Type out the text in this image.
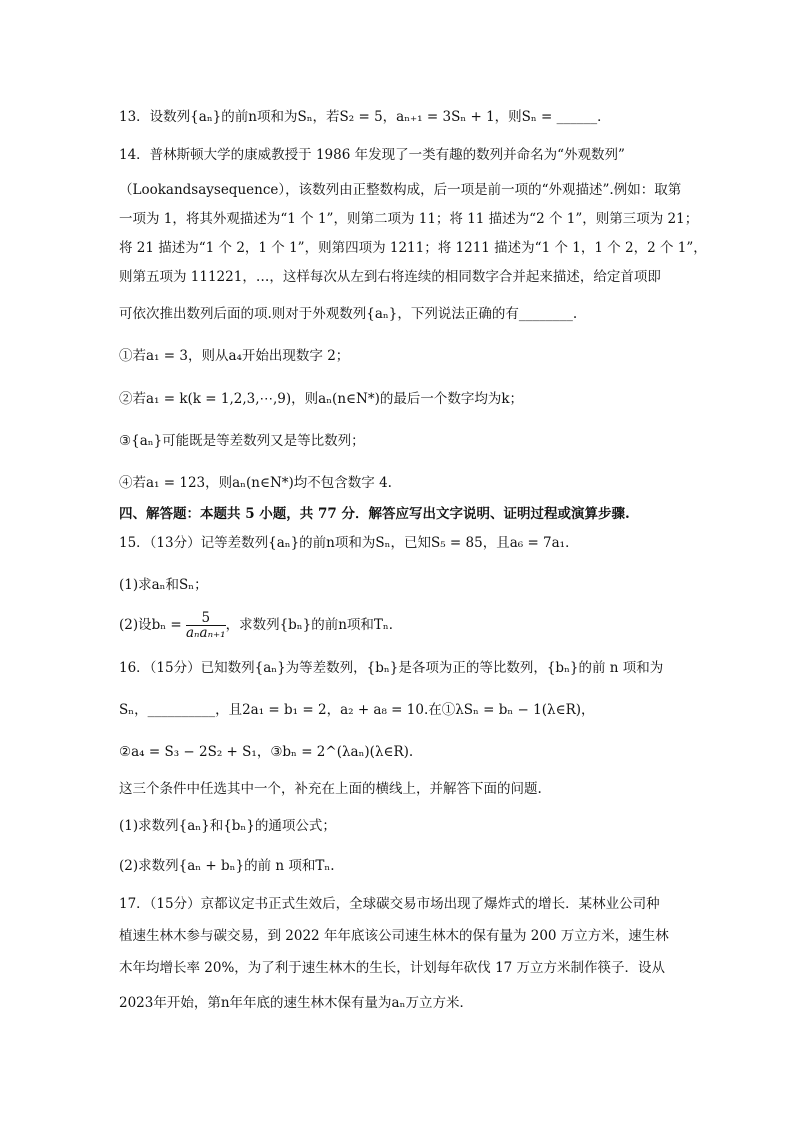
13．设数列{aₙ}的前n项和为Sₙ，若S₂ = 5，aₙ₊₁ = 3Sₙ + 1，则Sₙ = ______．
14．普林斯顿大学的康威教授于 1986 年发现了一类有趣的数列并命名为“外观数列”
（Lookandsaysequence），该数列由正整数构成，后一项是前一项的“外观描述”.例如：取第
一项为 1，将其外观描述为“1 个 1”，则第二项为 11；将 11 描述为“2 个 1”，则第三项为 21；
将 21 描述为“1 个 2，1 个 1”，则第四项为 1211；将 1211 描述为“1 个 1，1 个 2，2 个 1”，
则第五项为 111221，…，这样每次从左到右将连续的相同数字合并起来描述，给定首项即
可依次推出数列后面的项.则对于外观数列{aₙ}，下列说法正确的有________.
①若a₁ = 3，则从a₄开始出现数字 2；
②若a₁ = k(k = 1,2,3,⋯,9)，则aₙ(n∈N*)的最后一个数字均为k；
③{aₙ}可能既是等差数列又是等比数列；
④若a₁ = 123，则aₙ(n∈N*)均不包含数字 4.
四、解答题：本题共 5 小题，共 77 分．解答应写出文字说明、证明过程或演算步骤.
15．（13分）记等差数列{aₙ}的前n项和为Sₙ，已知S₅ = 85，且a₆ = 7a₁．
(1)求aₙ和Sₙ；
(2)设$b_n = \frac{5}{\text{aₙaₙ₊₁}}$ ，求数列{bₙ}的前n项和Tₙ．
16．（15分）已知数列{aₙ}为等差数列，{bₙ}是各项为正的等比数列，{bₙ}的前 n 项和为
Sₙ，__________，且2a₁ = b₁ = 2，a₂ + a₈ = 10.在①λSₙ = bₙ − 1(λ∈R)，
②a₄ = S₃ − 2S₂ + S₁，③bₙ = 2^(λaₙ)(λ∈R).
这三个条件中任选其中一个，补充在上面的横线上，并解答下面的问题.
(1)求数列{aₙ}和{bₙ}的通项公式；
(2)求数列{aₙ + bₙ}的前 n 项和Tₙ.
17．（15分）京都议定书正式生效后，全球碳交易市场出现了爆炸式的增长．某林业公司种
植速生林木参与碳交易，到 2022 年年底该公司速生林木的保有量为 200 万立方米，速生林
木年均增长率 20%，为了利于速生林木的生长，计划每年砍伐 17 万立方米制作筷子．设从
2023年开始，第n年年底的速生林木保有量为aₙ万立方米．
